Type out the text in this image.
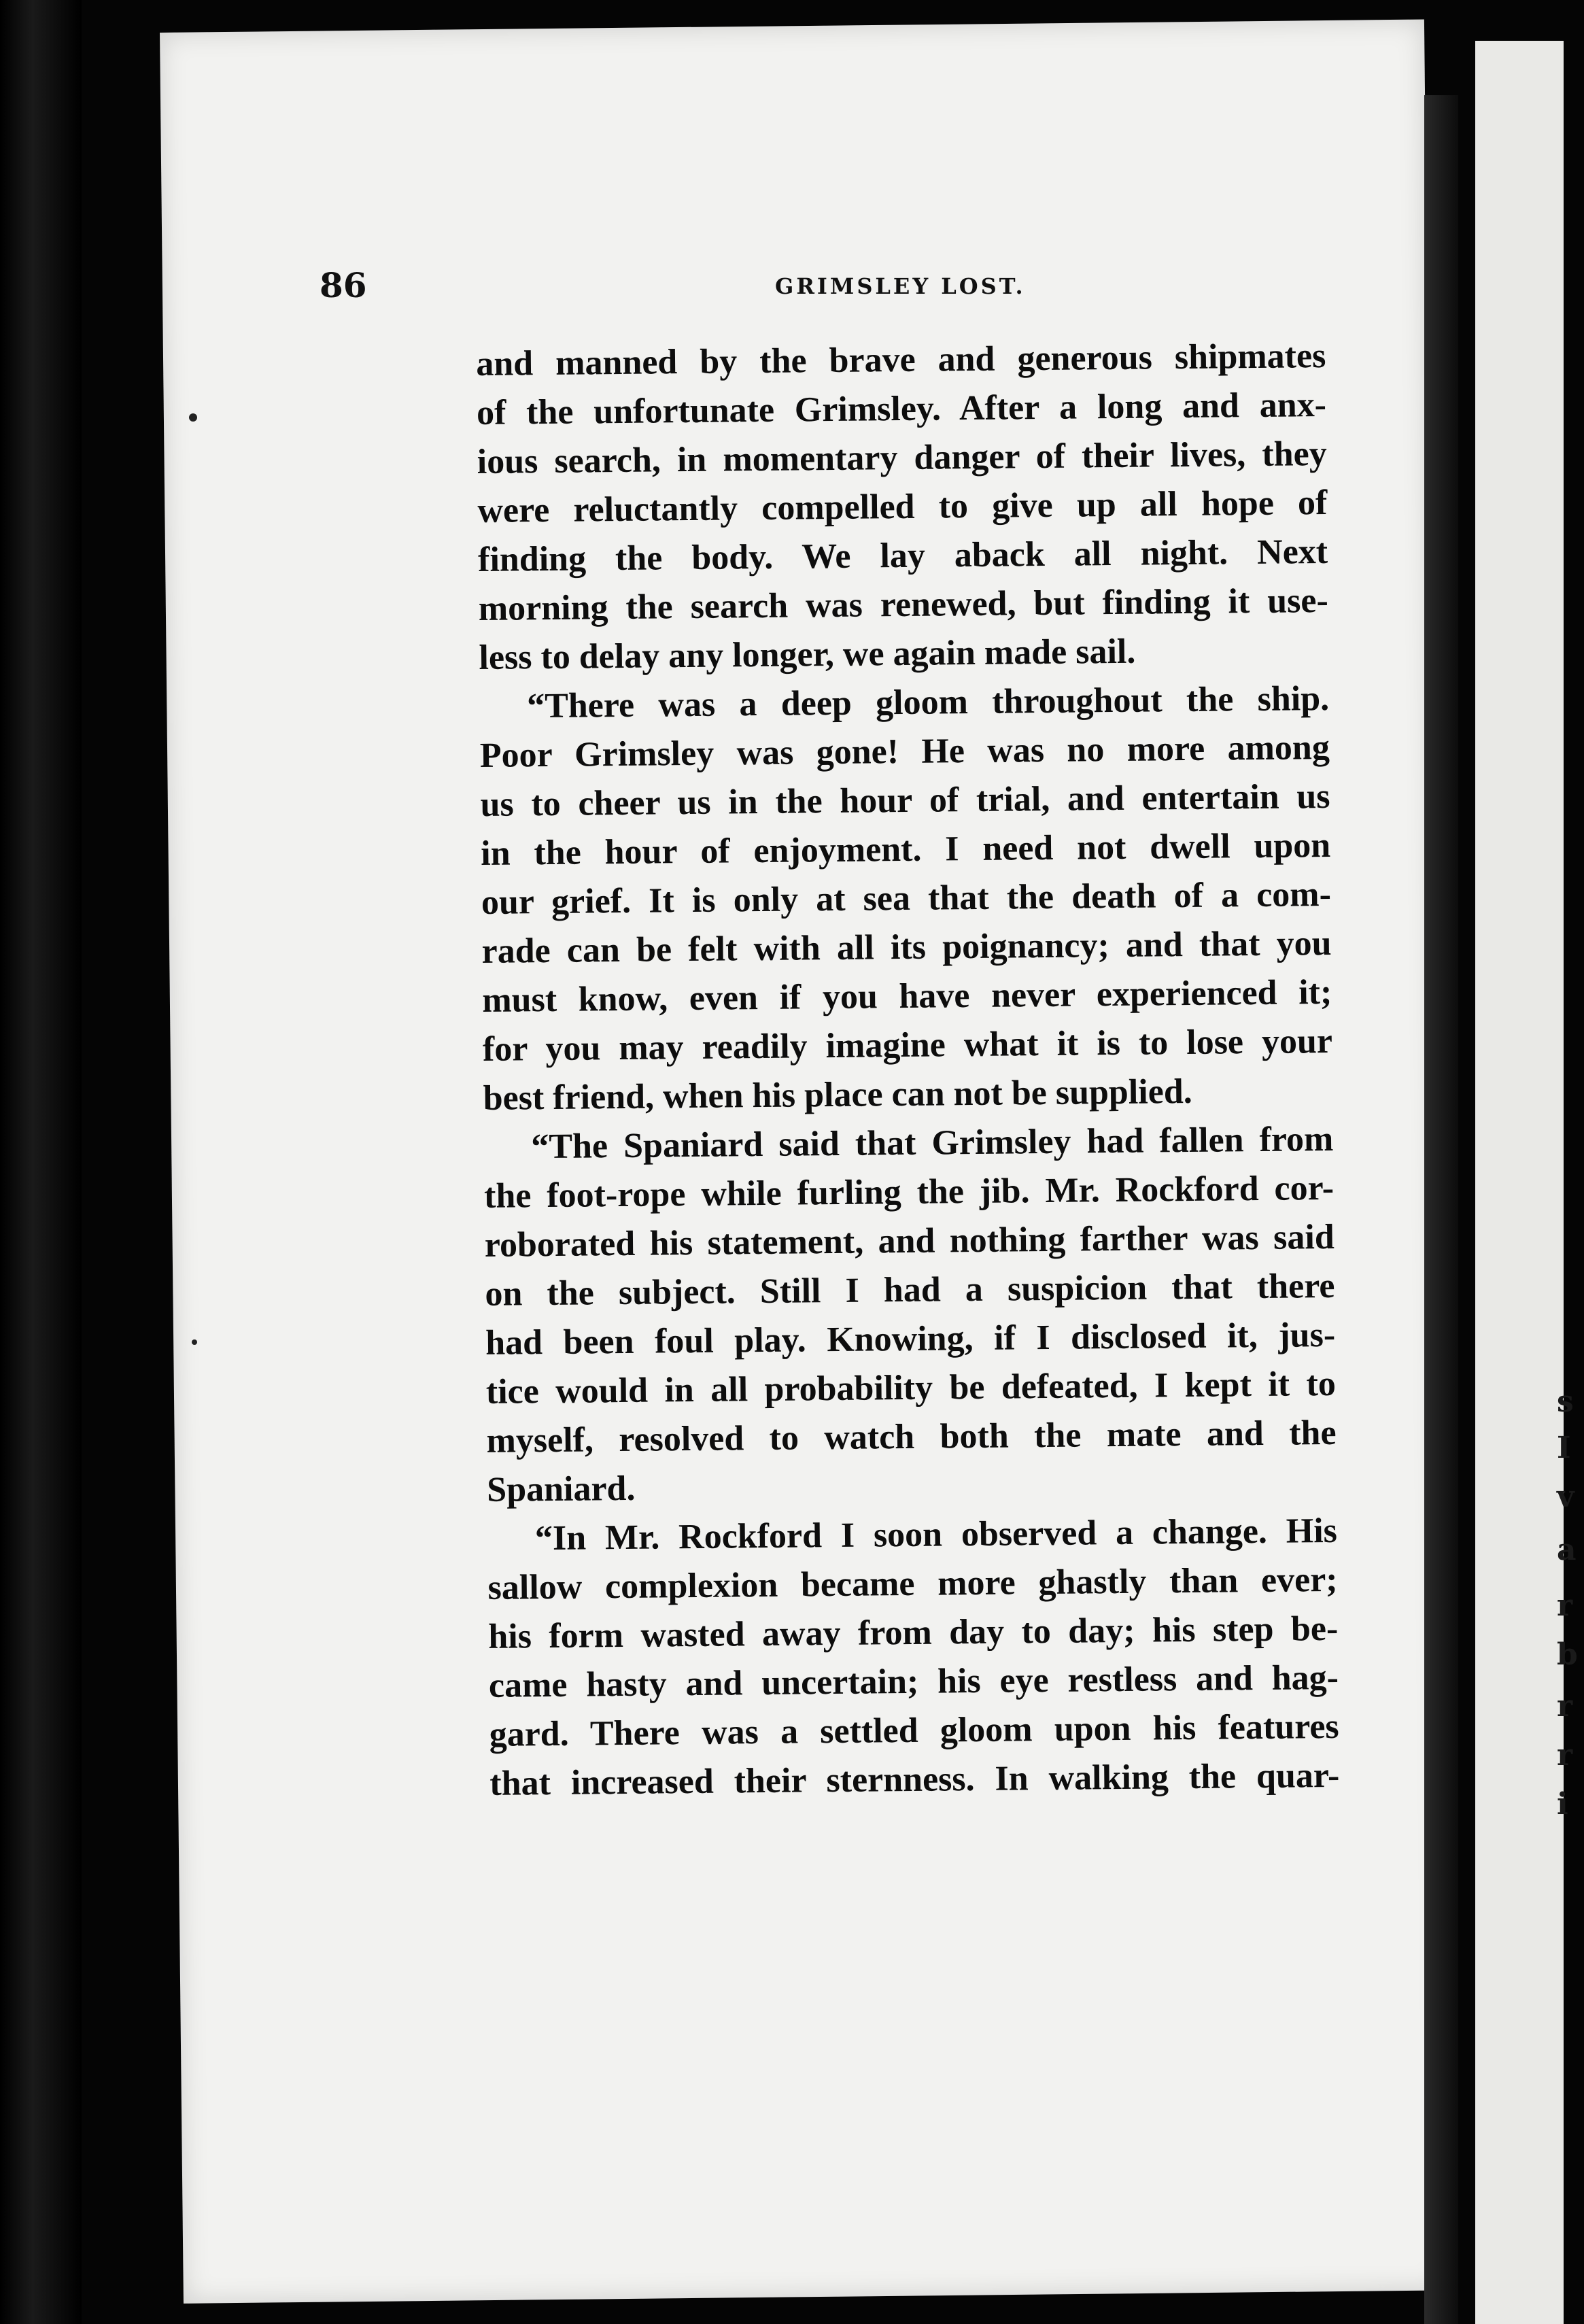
s
I
v
a
r
b
r
r
i
86	GRIMSLEY LOST.
and manned by the brave and generous shipmates
of the unfortunate Grimsley. After a long and anx-
ious search, in momentary danger of their lives, they
were reluctantly compelled to give up all hope of
finding the body. We lay aback all night. Next
morning the search was renewed, but finding it use-
less to delay any longer, we again made sail.
“There was a deep gloom throughout the ship.
Poor Grimsley was gone! He was no more among
us to cheer us in the hour of trial, and entertain us
in the hour of enjoyment. I need not dwell upon
our grief. It is only at sea that the death of a com-
rade can be felt with all its poignancy; and that you
must know, even if you have never experienced it;
for you may readily imagine what it is to lose your
best friend, when his place can not be supplied.
“The Spaniard said that Grimsley had fallen from
the foot-rope while furling the jib. Mr. Rockford cor-
roborated his statement, and nothing farther was said
on the subject. Still I had a suspicion that there
had been foul play. Knowing, if I disclosed it, jus-
tice would in all probability be defeated, I kept it to
myself, resolved to watch both the mate and the
Spaniard.
“In Mr. Rockford I soon observed a change. His
sallow complexion became more ghastly than ever;
his form wasted away from day to day; his step be-
came hasty and uncertain; his eye restless and hag-
gard. There was a settled gloom upon his features
that increased their sternness. In walking the quar-
